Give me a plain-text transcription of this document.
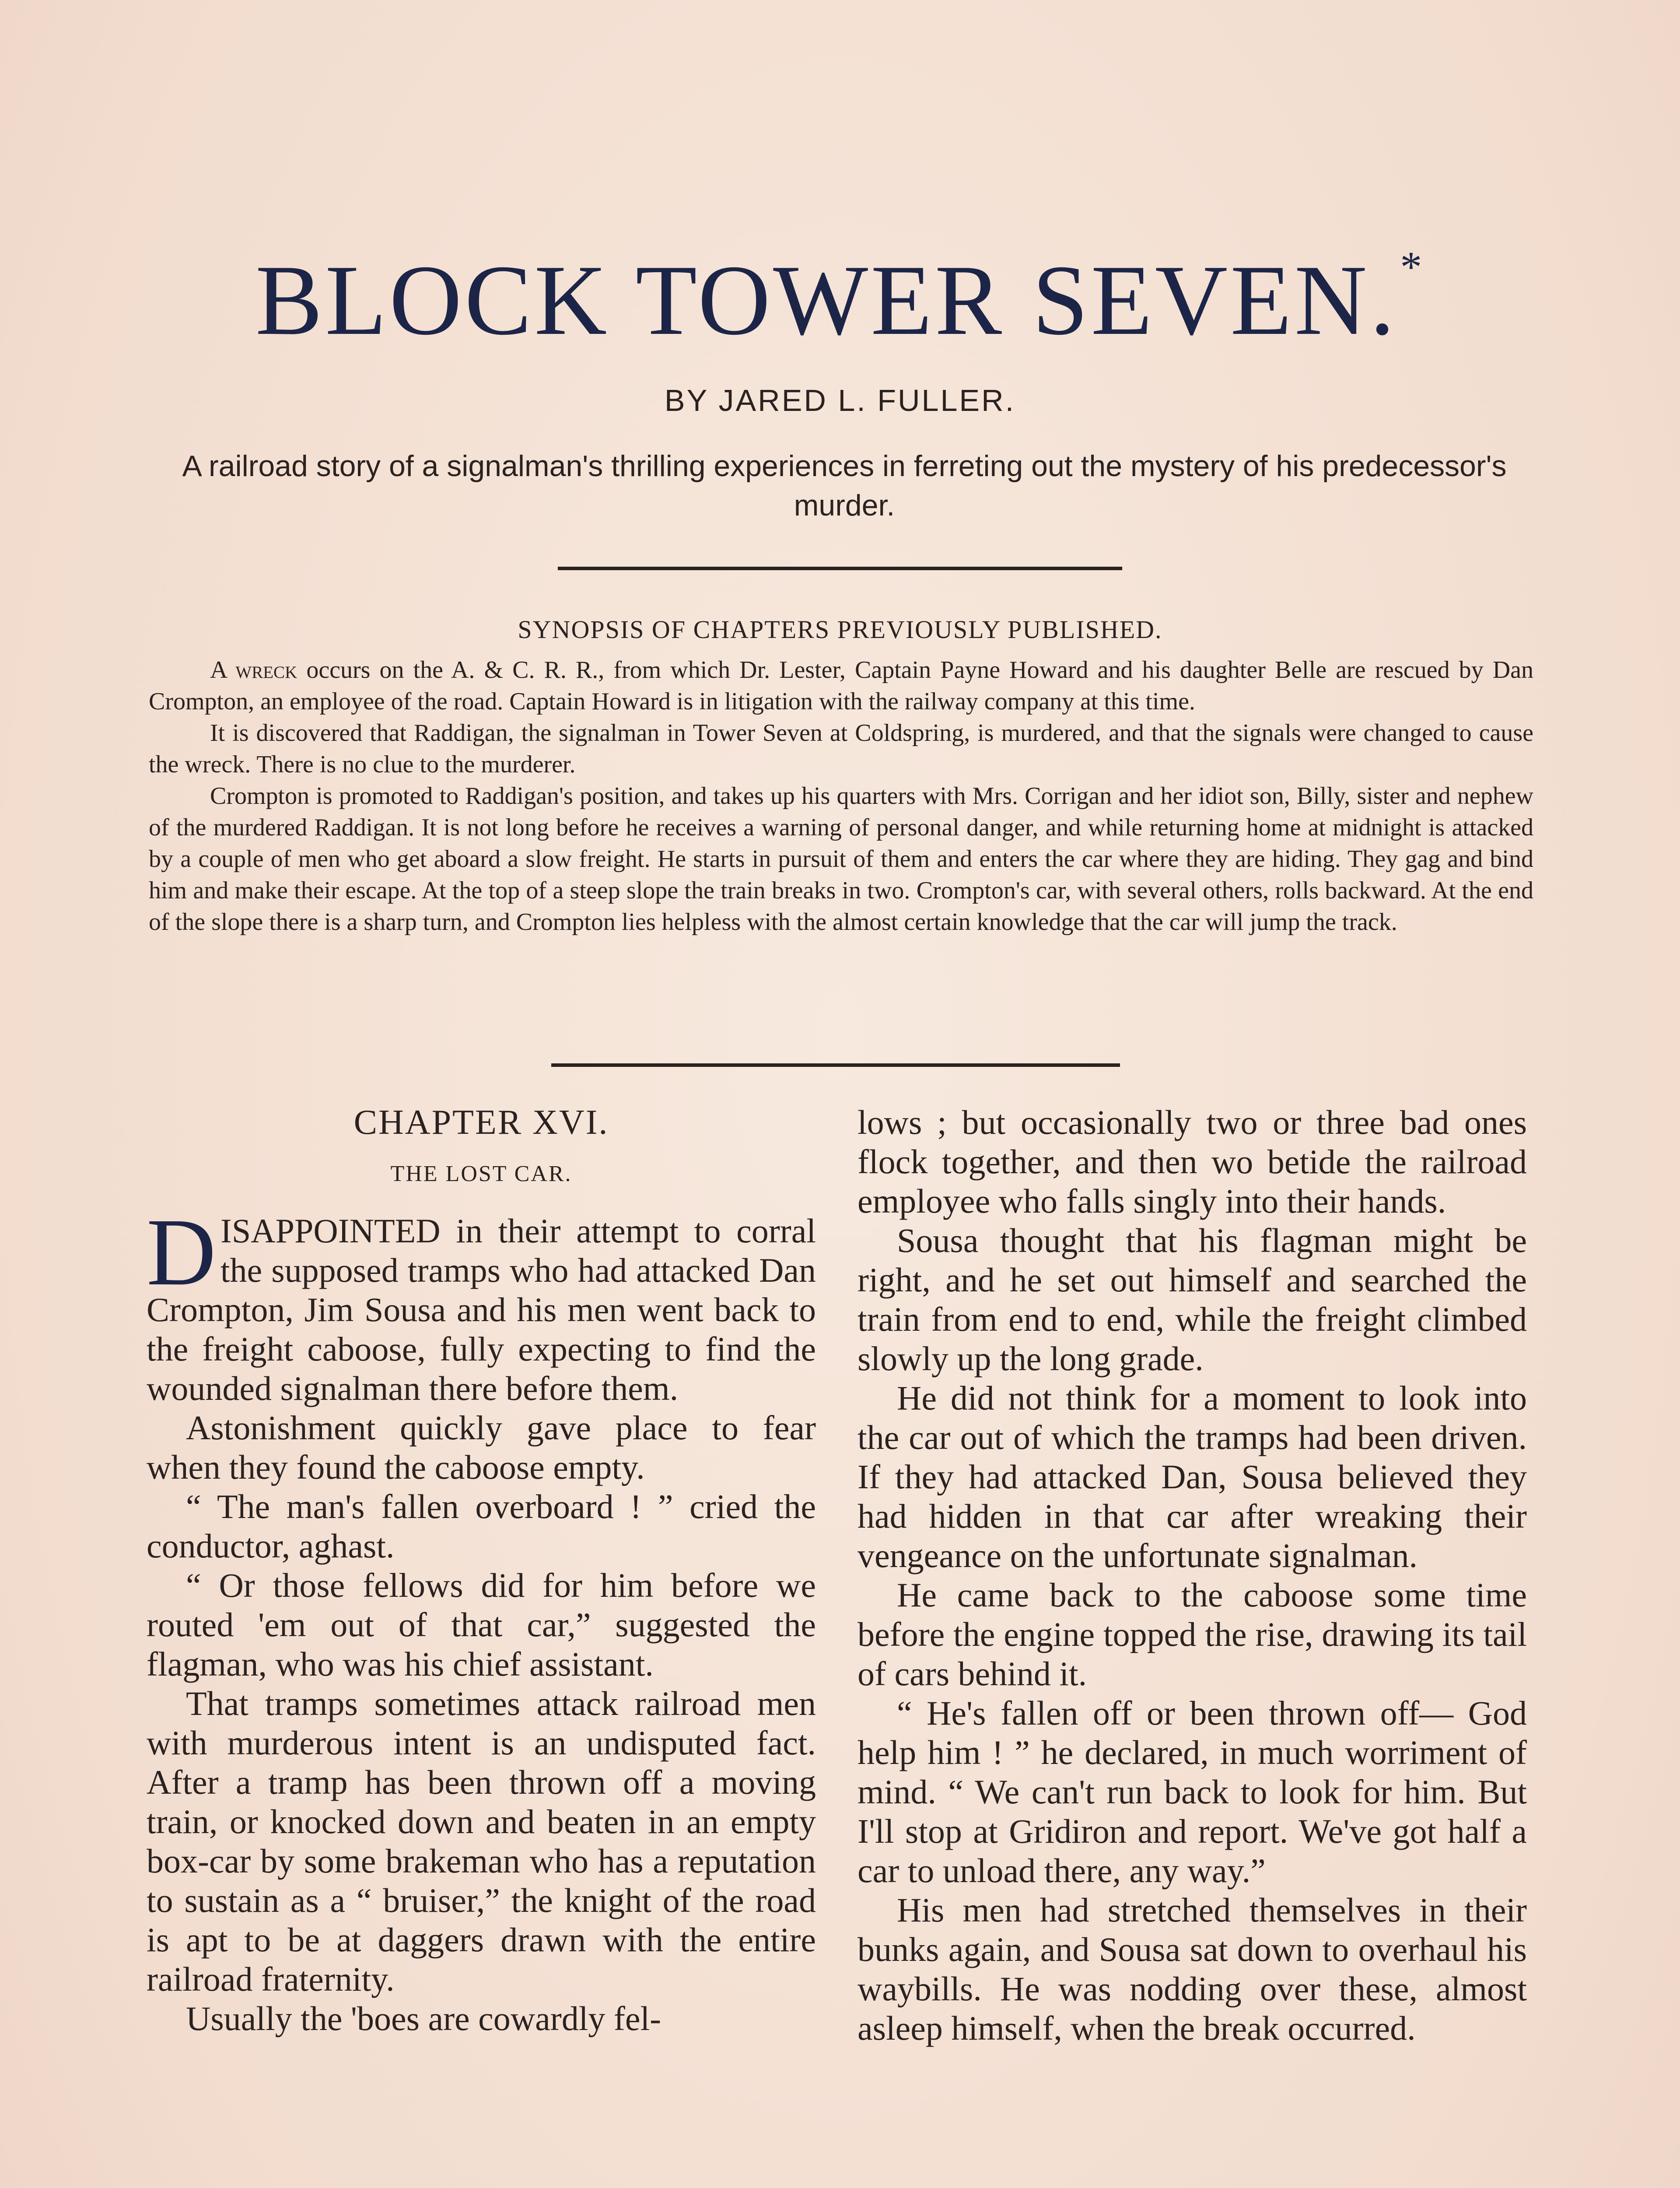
BLOCK TOWER SEVEN.*
BY JARED L. FULLER.
A railroad story of a signalman's thrilling experiences in ferreting out the mystery of his predecessor's murder.
SYNOPSIS OF CHAPTERS PREVIOUSLY PUBLISHED.

A wreck occurs on the A. & C. R. R., from which Dr. Lester, Captain Payne Howard and his daughter Belle are rescued by Dan Crompton, an employee of the road. Captain Howard is in litigation with the railway company at this time.

It is discovered that Raddigan, the signalman in Tower Seven at Coldspring, is murdered, and that the signals were changed to cause the wreck. There is no clue to the murderer.

Crompton is promoted to Raddigan's position, and takes up his quarters with Mrs. Corrigan and her idiot son, Billy, sister and nephew of the murdered Raddigan. It is not long before he receives a warning of personal danger, and while returning home at midnight is attacked by a couple of men who get aboard a slow freight. He starts in pursuit of them and enters the car where they are hiding. They gag and bind him and make their escape. At the top of a steep slope the train breaks in two. Crompton's car, with several others, rolls backward. At the end of the slope there is a sharp turn, and Crompton lies helpless with the almost certain knowledge that the car will jump the track.

CHAPTER XVI.
THE LOST CAR.

DISAPPOINTED in their attempt to corral the supposed tramps who had attacked Dan Crompton, Jim Sousa and his men went back to the freight caboose, fully expecting to find the wounded signalman there before them.

Astonishment quickly gave place to fear when they found the caboose empty.

“ The man's fallen overboard ! ” cried the conductor, aghast.

“ Or those fellows did for him before we routed 'em out of that car,” suggested the flagman, who was his chief assistant.

That tramps sometimes attack railroad men with murderous intent is an undisputed fact. After a tramp has been thrown off a moving train, or knocked down and beaten in an empty box-car by some brakeman who has a reputation to sustain as a “ bruiser,” the knight of the road is apt to be at daggers drawn with the entire railroad fraternity.

Usually the 'boes are cowardly fel-

lows ; but occasionally two or three bad ones flock together, and then wo betide the railroad employee who falls singly into their hands.

Sousa thought that his flagman might be right, and he set out himself and searched the train from end to end, while the freight climbed slowly up the long grade.

He did not think for a moment to look into the car out of which the tramps had been driven. If they had attacked Dan, Sousa believed they had hidden in that car after wreaking their vengeance on the unfortunate signalman.

He came back to the caboose some time before the engine topped the rise, drawing its tail of cars behind it.

“ He's fallen off or been thrown off— God help him ! ” he declared, in much worriment of mind. “ We can't run back to look for him. But I'll stop at Gridiron and report. We've got half a car to unload there, any way.”

His men had stretched themselves in their bunks again, and Sousa sat down to overhaul his waybills. He was nodding over these, almost asleep himself, when the break occurred.
